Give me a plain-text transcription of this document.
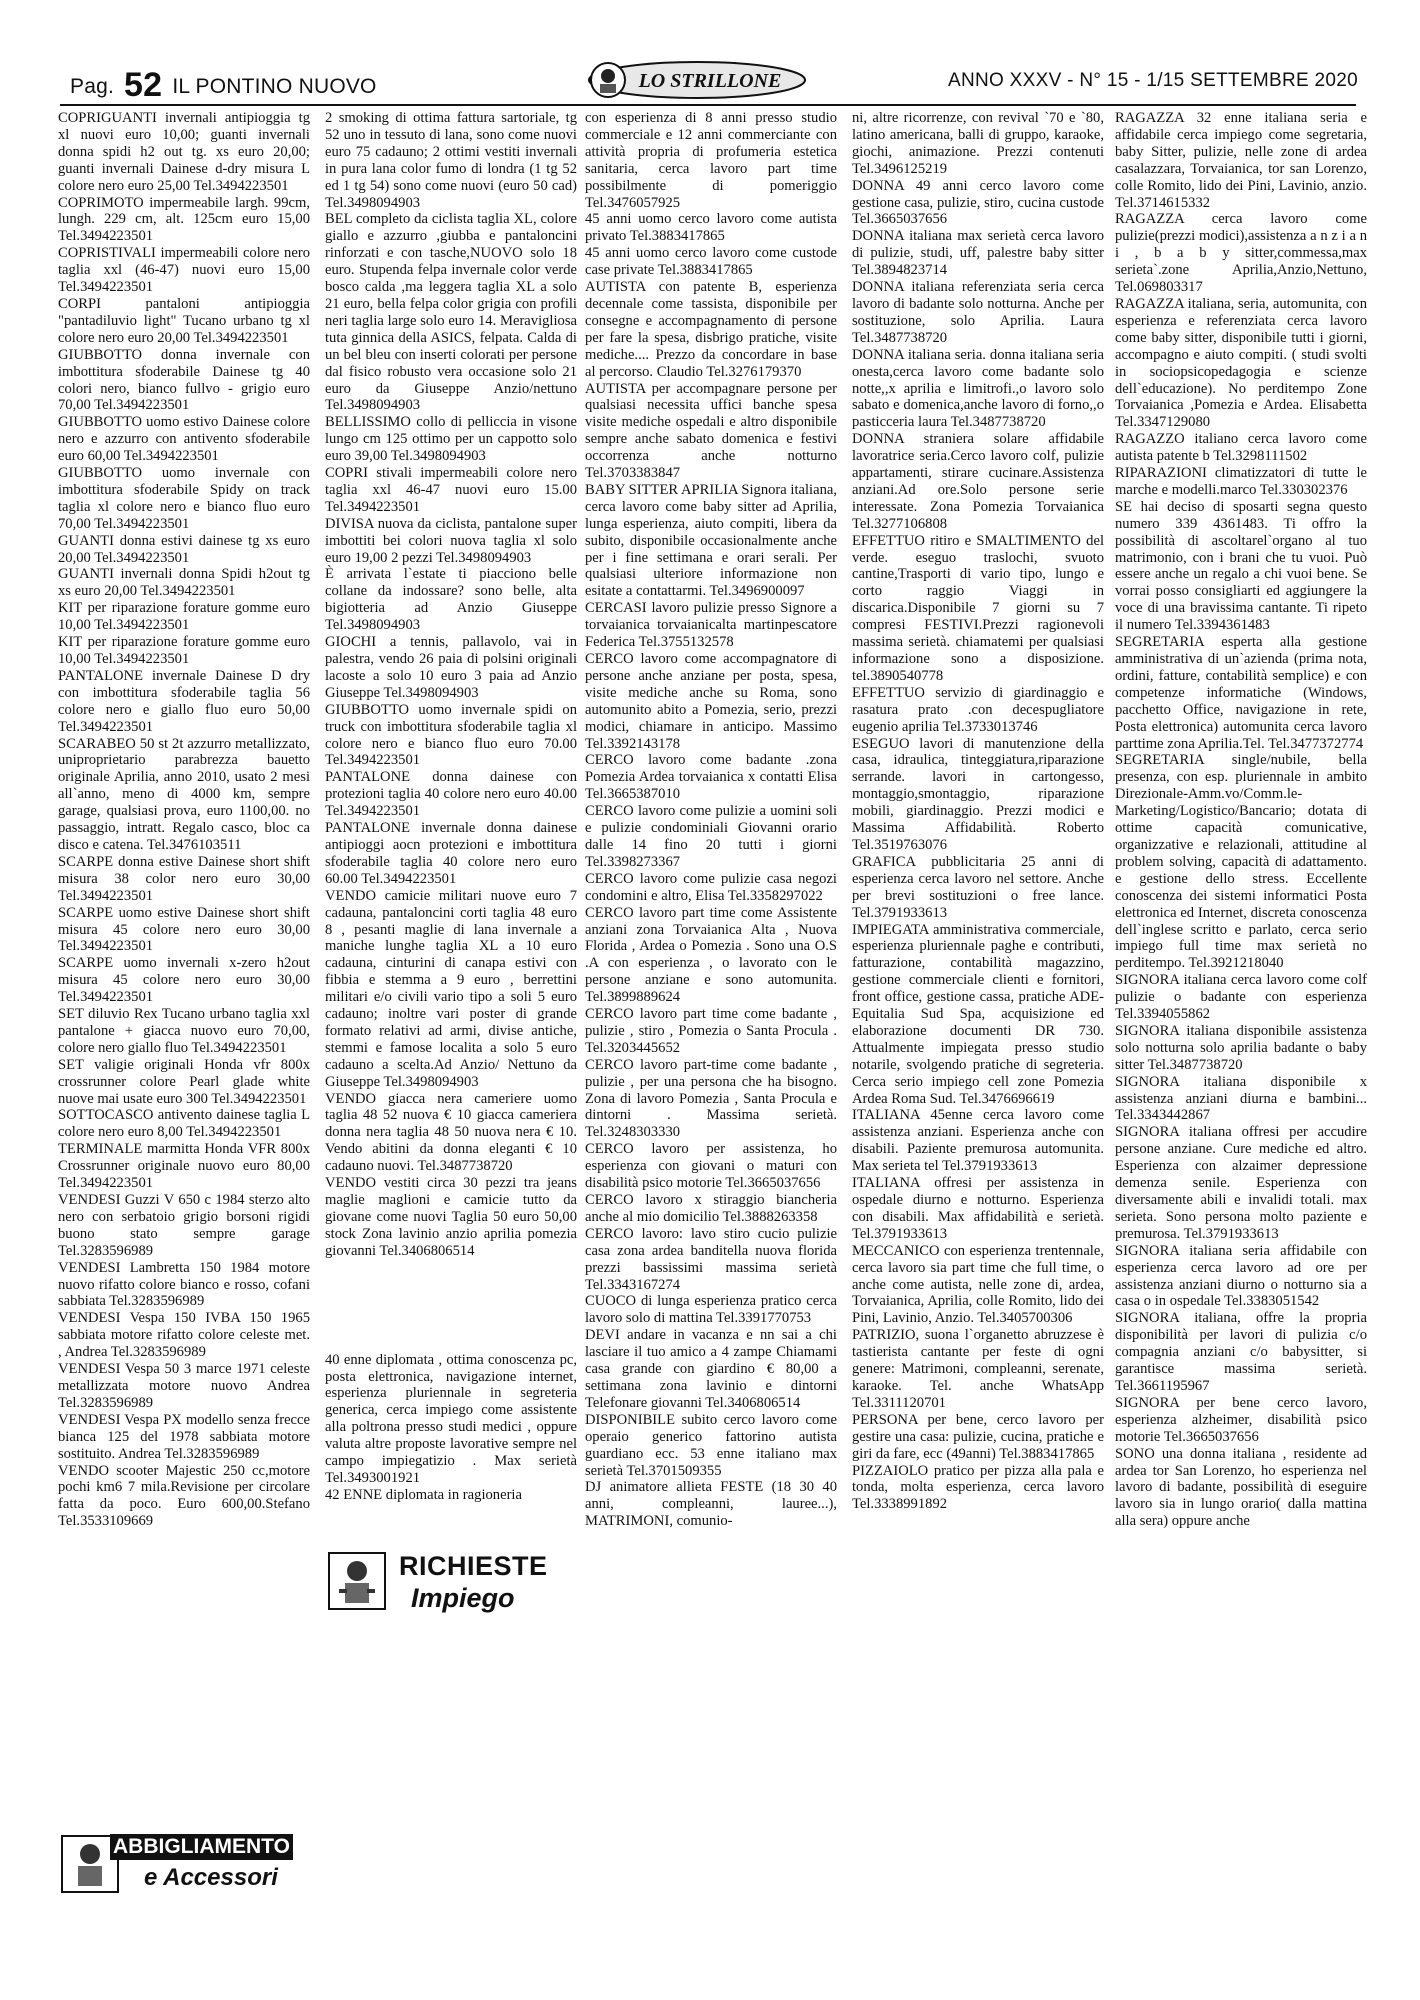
Pag. 52 IL PONTINO NUOVO	LO STRILLONE	ANNO XXXV - N° 15 - 1/15 SETTEMBRE 2020

COPRIGUANTI invernali antipioggia tg xl nuovi euro 10,00; guanti invernali donna spidi h2 out tg. xs euro 20,00; guanti invernali Dainese d-dry misura L colore nero euro 25,00 Tel.3494223501

COPRIMOTO impermeabile largh. 99cm, lungh. 229 cm, alt. 125cm euro 15,00 Tel.3494223501

COPRISTIVALI impermeabili colore nero taglia xxl (46-47) nuovi euro 15,00 Tel.3494223501

CORPI pantaloni antipioggia "pantadiluvio light" Tucano urbano tg xl colore nero euro 20,00 Tel.3494223501

GIUBBOTTO donna invernale con imbottitura sfoderabile Dainese tg 40 colori nero, bianco fullvo - grigio euro 70,00 Tel.3494223501

GIUBBOTTO uomo estivo Dainese colore nero e azzurro con antivento sfoderabile euro 60,00 Tel.3494223501

GIUBBOTTO uomo invernale con imbottitura sfoderabile Spidy on track taglia xl colore nero e bianco fluo euro 70,00 Tel.3494223501

GUANTI donna estivi dainese tg xs euro 20,00 Tel.3494223501

GUANTI invernali donna Spidi h2out tg xs euro 20,00 Tel.3494223501

KIT per riparazione forature gomme euro 10,00 Tel.3494223501

KIT per riparazione forature gomme euro 10,00 Tel.3494223501

PANTALONE invernale Dainese D dry con imbottitura sfoderabile taglia 56 colore nero e giallo fluo euro 50,00 Tel.3494223501

SCARABEO 50 st 2t azzurro metallizzato, uniproprietario parabrezza bauetto originale Aprilia, anno 2010, usato 2 mesi all`anno, meno di 4000 km, sempre garage, qualsiasi prova, euro 1100,00. no passaggio, intratt. Regalo casco, bloc ca disco e catena. Tel.3476103511

SCARPE donna estive Dainese short shift misura 38 color nero euro 30,00 Tel.3494223501

SCARPE uomo estive Dainese short shift misura 45 colore nero euro 30,00 Tel.3494223501

SCARPE uomo invernali x-zero h2out misura 45 colore nero euro 30,00 Tel.3494223501

SET diluvio Rex Tucano urbano taglia xxl pantalone + giacca nuovo euro 70,00, colore nero giallo fluo Tel.3494223501

SET valigie originali Honda vfr 800x crossrunner colore Pearl glade white nuove mai usate euro 300 Tel.3494223501

SOTTOCASCO antivento dainese taglia L colore nero euro 8,00 Tel.3494223501

TERMINALE marmitta Honda VFR 800x Crossrunner originale nuovo euro 80,00 Tel.3494223501

VENDESI Guzzi V 650 c 1984 sterzo alto nero con serbatoio grigio borsoni rigidi buono stato sempre garage Tel.3283596989

VENDESI Lambretta 150 1984 motore nuovo rifatto colore bianco e rosso, cofani sabbiata Tel.3283596989

VENDESI Vespa 150 IVBA 150 1965 sabbiata motore rifatto colore celeste met. , Andrea Tel.3283596989

VENDESI Vespa 50 3 marce 1971 celeste metallizzata motore nuovo Andrea Tel.3283596989

VENDESI Vespa PX modello senza frecce bianca 125 del 1978 sabbiata motore sostituito. Andrea Tel.3283596989

VENDO scooter Majestic 250 cc,motore pochi km6 7 mila.Revisione per circolare fatta da poco. Euro 600,00.Stefano Tel.3533109669

2 smoking di ottima fattura sartoriale, tg 52 uno in tessuto di lana, sono come nuovi euro 75 cadauno; 2 ottimi vestiti invernali in pura lana color fumo di londra (1 tg 52 ed 1 tg 54) sono come nuovi (euro 50 cad) Tel.3498094903

BEL completo da ciclista taglia XL, colore giallo e azzurro ,giubba e pantaloncini rinforzati e con tasche,NUOVO solo 18 euro. Stupenda felpa invernale color verde bosco calda ,ma leggera taglia XL a solo 21 euro, bella felpa color grigia con profili neri taglia large solo euro 14. Meravigliosa tuta ginnica della ASICS, felpata. Calda di un bel bleu con inserti colorati per persone dal fisico robusto vera occasione solo 21 euro da Giuseppe Anzio/nettuno Tel.3498094903

BELLISSIMO collo di pelliccia in visone lungo cm 125 ottimo per un cappotto solo euro 39,00 Tel.3498094903

COPRI stivali impermeabili colore nero taglia xxl 46-47 nuovi euro 15.00 Tel.3494223501

DIVISA nuova da ciclista, pantalone super imbottiti bei colori nuova taglia xl solo euro 19,00 2 pezzi Tel.3498094903

È arrivata l`estate ti piacciono belle collane da indossare? sono belle, alta bigiotteria ad Anzio Giuseppe Tel.3498094903

GIOCHI a tennis, pallavolo, vai in palestra, vendo 26 paia di polsini originali lacoste a solo 10 euro 3 paia ad Anzio Giuseppe Tel.3498094903

GIUBBOTTO uomo invernale spidi on truck con imbottitura sfoderabile taglia xl colore nero e bianco fluo euro 70.00 Tel.3494223501

PANTALONE donna dainese con protezioni taglia 40 colore nero euro 40.00 Tel.3494223501

PANTALONE invernale donna dainese antipioggi aocn protezioni e imbottitura sfoderabile taglia 40 colore nero euro 60.00 Tel.3494223501

VENDO camicie militari nuove euro 7 cadauna, pantaloncini corti taglia 48 euro 8 , pesanti maglie di lana invernale a maniche lunghe taglia XL a 10 euro cadauna, cinturini di canapa estivi con fibbia e stemma a 9 euro , berrettini militari e/o civili vario tipo a soli 5 euro cadauno; inoltre vari poster di grande formato relativi ad armi, divise antiche, stemmi e famose localita a solo 5 euro cadauno a scelta.Ad Anzio/ Nettuno da Giuseppe Tel.3498094903

VENDO giacca nera cameriere uomo taglia 48 52 nuova € 10 giacca cameriera donna nera taglia 48 50 nuova nera € 10. Vendo abitini da donna eleganti € 10 cadauno nuovi. Tel.3487738720

VENDO vestiti circa 30 pezzi tra jeans maglie maglioni e camicie tutto da giovane come nuovi Taglia 50 euro 50,00 stock Zona lavinio anzio aprilia pomezia giovanni Tel.3406806514

40 enne diplomata , ottima conoscenza pc, posta elettronica, navigazione internet, esperienza pluriennale in segreteria generica, cerca impiego come assistente alla poltrona presso studi medici , oppure valuta altre proposte lavorative sempre nel campo impiegatizio . Max serietà Tel.3493001921

42 ENNE diplomata in ragioneria

con esperienza di 8 anni presso studio commerciale e 12 anni commerciante con attività propria di profumeria estetica sanitaria, cerca lavoro part time possibilmente di pomeriggio Tel.3476057925

45 anni uomo cerco lavoro come autista privato Tel.3883417865

45 anni uomo cerco lavoro come custode case private Tel.3883417865

AUTISTA con patente B, esperienza decennale come tassista, disponibile per consegne e accompagnamento di persone per fare la spesa, disbrigo pratiche, visite mediche.... Prezzo da concordare in base al percorso. Claudio Tel.3276179370

AUTISTA per accompagnare persone per qualsiasi necessita uffici banche spesa visite mediche ospedali e altro disponibile sempre anche sabato domenica e festivi occorrenza anche notturno Tel.3703383847

BABY SITTER APRILIA Signora italiana, cerca lavoro come baby sitter ad Aprilia, lunga esperienza, aiuto compiti, libera da subito, disponibile occasionalmente anche per i fine settimana e orari serali. Per qualsiasi ulteriore informazione non esitate a contattarmi. Tel.3496900097

CERCASI lavoro pulizie presso Signore a torvaianica torvaianicalta martinpescatore Federica Tel.3755132578

CERCO lavoro come accompagnatore di persone anche anziane per posta, spesa, visite mediche anche su Roma, sono automunito abito a Pomezia, serio, prezzi modici, chiamare in anticipo. Massimo Tel.3392143178

CERCO lavoro come badante .zona Pomezia Ardea torvaianica x contatti Elisa Tel.3665387010

CERCO lavoro come pulizie a uomini soli e pulizie condominiali Giovanni orario dalle 14 fino 20 tutti i giorni Tel.3398273367

CERCO lavoro come pulizie casa negozi condomini e altro, Elisa Tel.3358297022

CERCO lavoro part time come Assistente anziani zona Torvaianica Alta , Nuova Florida , Ardea o Pomezia . Sono una O.S .A con esperienza , o lavorato con le persone anziane e sono automunita. Tel.3899889624

CERCO lavoro part time come badante , pulizie , stiro , Pomezia o Santa Procula . Tel.3203445652

CERCO lavoro part-time come badante , pulizie , per una persona che ha bisogno. Zona di lavoro Pomezia , Santa Procula e dintorni . Massima serietà. Tel.3248303330

CERCO lavoro per assistenza, ho esperienza con giovani o maturi con disabilità psico motorie Tel.3665037656

CERCO lavoro x stiraggio biancheria anche al mio domicilio Tel.3888263358

CERCO lavoro: lavo stiro cucio pulizie casa zona ardea banditella nuova florida prezzi bassissimi massima serietà Tel.3343167274

CUOCO di lunga esperienza pratico cerca lavoro solo di mattina Tel.3391770753

DEVI andare in vacanza e nn sai a chi lasciare il tuo amico a 4 zampe Chiamami casa grande con giardino € 80,00 a settimana zona lavinio e dintorni Telefonare giovanni Tel.3406806514

DISPONIBILE subito cerco lavoro come operaio generico fattorino autista guardiano ecc. 53 enne italiano max serietà Tel.3701509355

DJ animatore allieta FESTE (18 30 40 anni, compleanni, lauree...), MATRIMONI, comunio-

ni, altre ricorrenze, con revival `70 e `80, latino americana, balli di gruppo, karaoke, giochi, animazione. Prezzi contenuti Tel.3496125219

DONNA 49 anni cerco lavoro come gestione casa, pulizie, stiro, cucina custode Tel.3665037656

DONNA italiana max serietà cerca lavoro di pulizie, studi, uff, palestre baby sitter Tel.3894823714

DONNA italiana referenziata seria cerca lavoro di badante solo notturna. Anche per sostituzione, solo Aprilia. Laura Tel.3487738720

DONNA italiana seria. donna italiana seria onesta,cerca lavoro come badante solo notte,,x aprilia e limitrofi.,o lavoro solo sabato e domenica,anche lavoro di forno,,o pasticceria laura Tel.3487738720

DONNA straniera solare affidabile lavoratrice seria.Cerco lavoro colf, pulizie appartamenti, stirare cucinare.Assistenza anziani.Ad ore.Solo persone serie interessate. Zona Pomezia Torvaianica Tel.3277106808

EFFETTUO ritiro e SMALTIMENTO del verde. eseguo traslochi, svuoto cantine,Trasporti di vario tipo, lungo e corto raggio Viaggi in discarica.Disponibile 7 giorni su 7 compresi FESTIVI.Prezzi ragionevoli massima serietà. chiamatemi per qualsiasi informazione sono a disposizione. tel.3890540778

EFFETTUO servizio di giardinaggio e rasatura prato .con decespugliatore eugenio aprilia Tel.3733013746

ESEGUO lavori di manutenzione della casa, idraulica, tinteggiatura,riparazione serrande. lavori in cartongesso, montaggio,smontaggio, riparazione mobili, giardinaggio. Prezzi modici e Massima Affidabilità. Roberto Tel.3519763076

GRAFICA pubblicitaria 25 anni di esperienza cerca lavoro nel settore. Anche per brevi sostituzioni o free lance. Tel.3791933613

IMPIEGATA amministrativa commerciale, esperienza pluriennale paghe e contributi, fatturazione, contabilità magazzino, gestione commerciale clienti e fornitori, front office, gestione cassa, pratiche ADE- Equitalia Sud Spa, acquisizione ed elaborazione documenti DR 730. Attualmente impiegata presso studio notarile, svolgendo pratiche di segreteria. Cerca serio impiego cell zone Pomezia Ardea Roma Sud. Tel.3476696619

ITALIANA 45enne cerca lavoro come assistenza anziani. Esperienza anche con disabili. Paziente premurosa automunita. Max serieta tel Tel.3791933613

ITALIANA offresi per assistenza in ospedale diurno e notturno. Esperienza con disabili. Max affidabilità e serietà. Tel.3791933613

MECCANICO con esperienza trentennale, cerca lavoro sia part time che full time, o anche come autista, nelle zone di, ardea, Torvaianica, Aprilia, colle Romito, lido dei Pini, Lavinio, Anzio. Tel.3405700306

PATRIZIO, suona l`organetto abruzzese è tastierista cantante per feste di ogni genere: Matrimoni, compleanni, serenate, karaoke. Tel. anche WhatsApp Tel.3311120701

PERSONA per bene, cerco lavoro per gestire una casa: pulizie, cucina, pratiche e giri da fare, ecc (49anni) Tel.3883417865

PIZZAIOLO pratico per pizza alla pala e tonda, molta esperienza, cerca lavoro Tel.3338991892

RAGAZZA 32 enne italiana seria e affidabile cerca impiego come segretaria, baby Sitter, pulizie, nelle zone di ardea casalazzara, Torvaianica, tor san Lorenzo, colle Romito, lido dei Pini, Lavinio, anzio. Tel.3714615332

RAGAZZA cerca lavoro come pulizie(prezzi modici),assistenza a n z i a n i , b a b y sitter,commessa,max serieta`.zone Aprilia,Anzio,Nettuno, Tel.069803317

RAGAZZA italiana, seria, automunita, con esperienza e referenziata cerca lavoro come baby sitter, disponibile tutti i giorni, accompagno e aiuto compiti. ( studi svolti in sociopsicopedagogia e scienze dell`educazione). No perditempo Zone Torvaianica ,Pomezia e Ardea. Elisabetta Tel.3347129080

RAGAZZO italiano cerca lavoro come autista patente b Tel.3298111502

RIPARAZIONI climatizzatori di tutte le marche e modelli.marco Tel.330302376

SE hai deciso di sposarti segna questo numero 339 4361483. Ti offro la possibilità di ascoltarel`organo al tuo matrimonio, con i brani che tu vuoi. Può essere anche un regalo a chi vuoi bene. Se vorrai posso consigliarti ed aggiungere la voce di una bravissima cantante. Ti ripeto il numero Tel.3394361483

SEGRETARIA esperta alla gestione amministrativa di un`azienda (prima nota, ordini, fatture, contabilità semplice) e con competenze informatiche (Windows, pacchetto Office, navigazione in rete, Posta elettronica) automunita cerca lavoro parttime zona Aprilia.Tel. Tel.3477372774

SEGRETARIA single/nubile, bella presenza, con esp. pluriennale in ambito Direzionale-Amm.vo/Comm.le-Marketing/Logistico/Bancario; dotata di ottime capacità comunicative, organizzative e relazionali, attitudine al problem solving, capacità di adattamento. e gestione dello stress. Eccellente conoscenza dei sistemi informatici Posta elettronica ed Internet, discreta conoscenza dell`inglese scritto e parlato, cerca serio impiego full time max serietà no perditempo. Tel.3921218040

SIGNORA italiana cerca lavoro come colf pulizie o badante con esperienza Tel.3394055862

SIGNORA italiana disponibile assistenza solo notturna solo aprilia badante o baby sitter Tel.3487738720

SIGNORA italiana disponibile x assistenza anziani diurna e bambini... Tel.3343442867

SIGNORA italiana offresi per accudire persone anziane. Cure mediche ed altro. Esperienza con alzaimer depressione demenza senile. Esperienza con diversamente abili e invalidi totali. max serieta. Sono persona molto paziente e premurosa. Tel.3791933613

SIGNORA italiana seria affidabile con esperienza cerca lavoro ad ore per assistenza anziani diurno o notturno sia a casa o in ospedale Tel.3383051542

SIGNORA italiana, offre la propria disponibilità per lavori di pulizia c/o compagnia anziani c/o babysitter, si garantisce massima serietà. Tel.3661195967

SIGNORA per bene cerco lavoro, esperienza alzheimer, disabilità psico motorie Tel.3665037656

SONO una donna italiana , residente ad ardea tor San Lorenzo, ho esperienza nel lavoro di badante, possibilità di eseguire lavoro sia in lungo orario( dalla mattina alla sera) oppure anche

RICHIESTE
Impiego
ABBIGLIAMENTO
e Accessori
